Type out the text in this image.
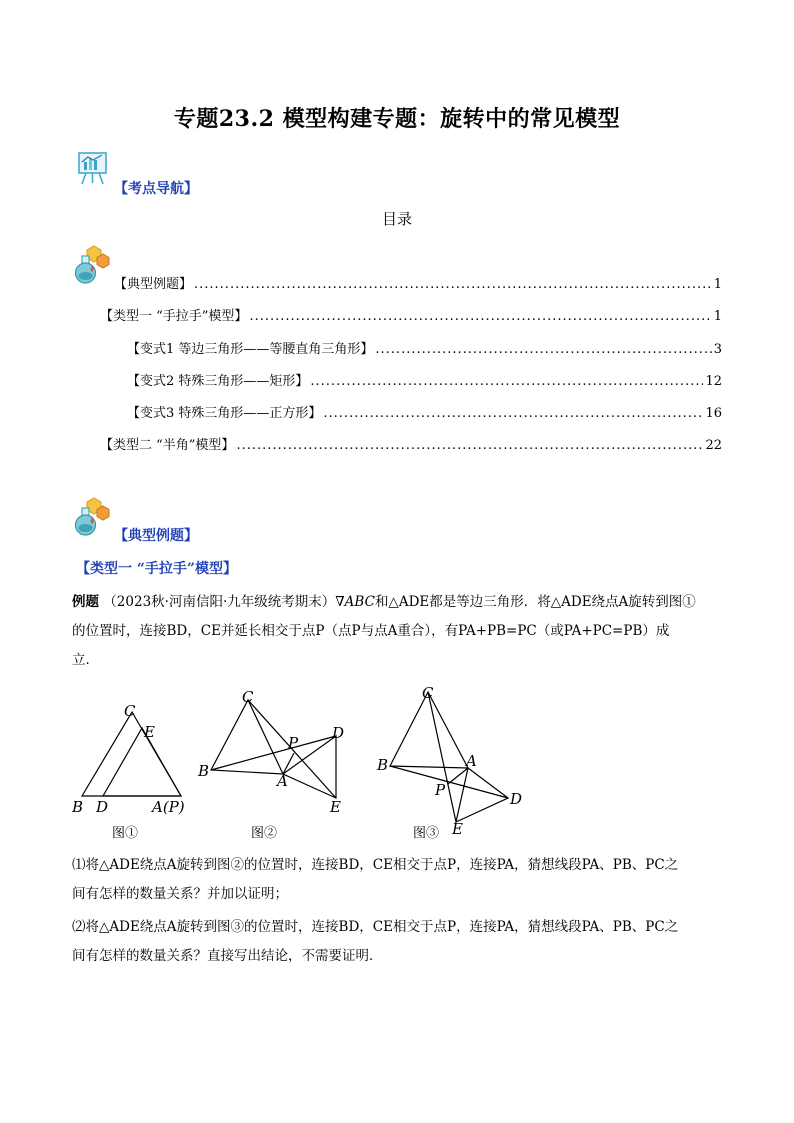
专题23.2 模型构建专题：旋转中的常见模型
【考点导航】
目录
【典型例题】 .....	1
【类型一 “手拉手”模型】 .....	1
【变式1 等边三角形——等腰直角三角形】 .....	3
【变式2 特殊三角形——矩形】 .....	12
【变式3 特殊三角形——正方形】 .....	16
【类型二 “半角”模型】 .....	22
【典型例题】
【类型一 “手拉手”模型】
例题 （2023秋·河南信阳·九年级统考期末）∇ABC和△ADE都是等边三角形．将△ADE绕点A旋转到图①
的位置时，连接BD，CE并延长相交于点P（点P与点A重合），有PA+PB=PC（或PA+PC=PB）成
立．
C
E
B D	A(P)
C
B
P
A
D
E
C
B	A
P	D
E
图①	图②	图③
⑴将△ADE绕点A旋转到图②的位置时，连接BD，CE相交于点P，连接PA，猜想线段PA、PB、PC之
间有怎样的数量关系？并加以证明；
⑵将△ADE绕点A旋转到图③的位置时，连接BD，CE相交于点P，连接PA，猜想线段PA、PB、PC之
间有怎样的数量关系？直接写出结论，不需要证明．
